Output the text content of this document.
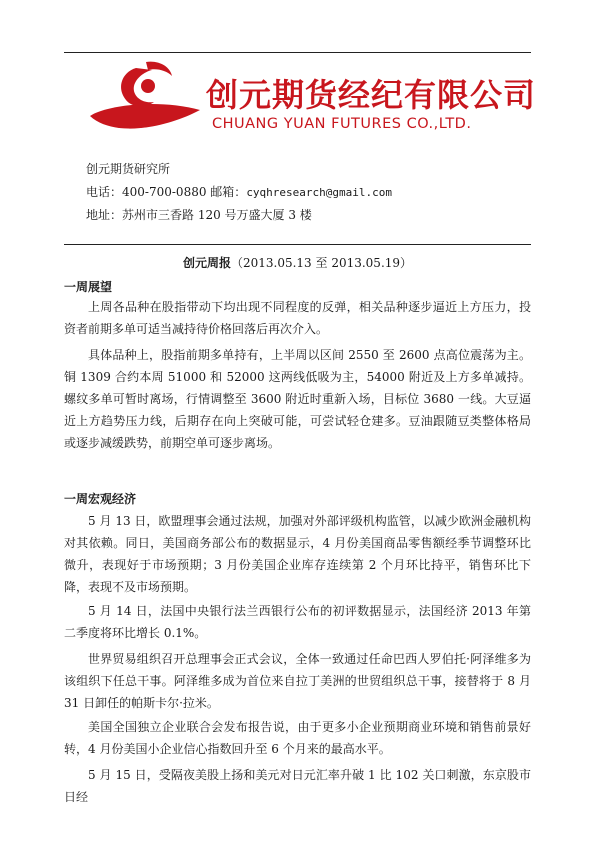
创元期货经纪有限公司
CHUANG YUAN FUTURES CO.,LTD.
创元期货研究所
电话：400-700-0880 邮箱：cyqhresearch@gmail.com
地址：苏州市三香路 120 号万盛大厦 3 楼
创元周报（2013.05.13 至 2013.05.19）
一周展望

上周各品种在股指带动下均出现不同程度的反弹，相关品种逐步逼近上方压力，投资者前期多单可适当减持待价格回落后再次介入。

具体品种上，股指前期多单持有，上半周以区间 2550 至 2600 点高位震荡为主。铜 1309 合约本周 51000 和 52000 这两线低吸为主，54000 附近及上方多单减持。螺纹多单可暂时离场，行情调整至 3600 附近时重新入场，目标位 3680 一线。大豆逼近上方趋势压力线，后期存在向上突破可能，可尝试轻仓建多。豆油跟随豆类整体格局或逐步减缓跌势，前期空单可逐步离场。

一周宏观经济

5 月 13 日，欧盟理事会通过法规，加强对外部评级机构监管，以减少欧洲金融机构对其依赖。同日，美国商务部公布的数据显示，4 月份美国商品零售额经季节调整环比微升，表现好于市场预期；3 月份美国企业库存连续第 2 个月环比持平，销售环比下降，表现不及市场预期。

5 月 14 日，法国中央银行法兰西银行公布的初评数据显示，法国经济 2013 年第二季度将环比增长 0.1%。

世界贸易组织召开总理事会正式会议，全体一致通过任命巴西人罗伯托·阿泽维多为该组织下任总干事。阿泽维多成为首位来自拉丁美洲的世贸组织总干事，接替将于 8 月 31 日卸任的帕斯卡尔·拉米。

美国全国独立企业联合会发布报告说，由于更多小企业预期商业环境和销售前景好转，4 月份美国小企业信心指数回升至 6 个月来的最高水平。

5 月 15 日，受隔夜美股上扬和美元对日元汇率升破 1 比 102 关口刺激，东京股市日经
